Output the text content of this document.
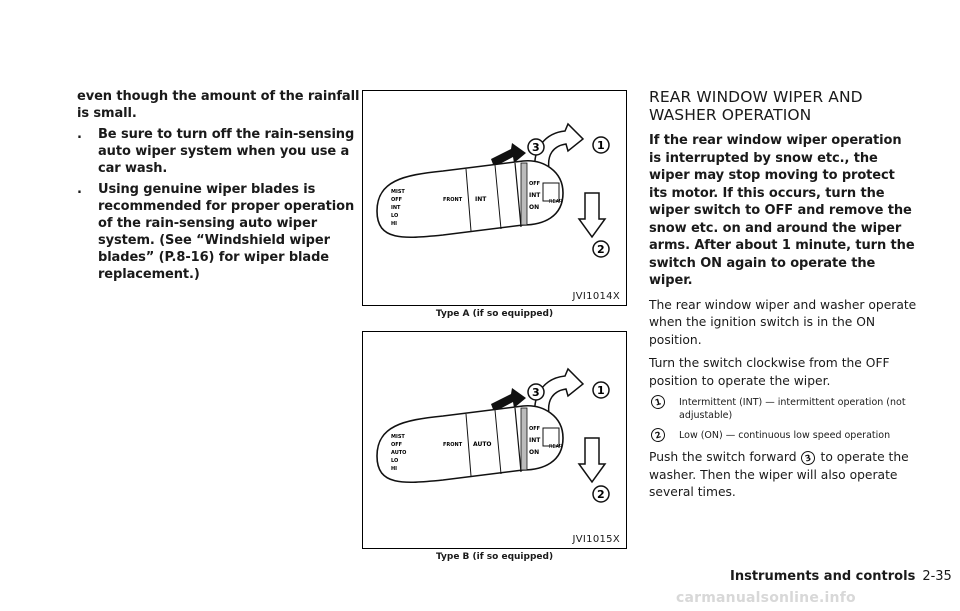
even though the amount of the rainfall is small.

. Be sure to turn off the rain-sensing auto wiper system when you use a car wash.
. Using genuine wiper blades is recommended for proper operation of the rain-sensing auto wiper system. (See “Windshield wiper blades” (P.8-16) for wiper blade replacement.)
REAR
MIST
OFF
INT
LO
HI
FRONT INT
OFF
INT
ON
3	1
2
JVI1014X
Type A (if so equipped)
REAR
MIST
OFF
AUTO
LO
HI
FRONT AUTO
OFF
INT
ON
3	1
2
JVI1015X
Type B (if so equipped)
REAR WINDOW WIPER AND WASHER OPERATION

If the rear window wiper operation is interrupted by snow etc., the wiper may stop moving to protect its motor. If this occurs, turn the wiper switch to OFF and remove the snow etc. on and around the wiper arms. After about 1 minute, turn the switch ON again to operate the wiper.

The rear window wiper and washer operate when the ignition switch is in the ON position.

Turn the switch clockwise from the OFF position to operate the wiper.

1	Intermittent (INT) — intermittent operation (not adjustable)
2	Low (ON) — continuous low speed operation

Push the switch forward 3 to operate the washer. Then the wiper will also operate several times.

Instruments and controls 2-35
carmanualsonline.info
